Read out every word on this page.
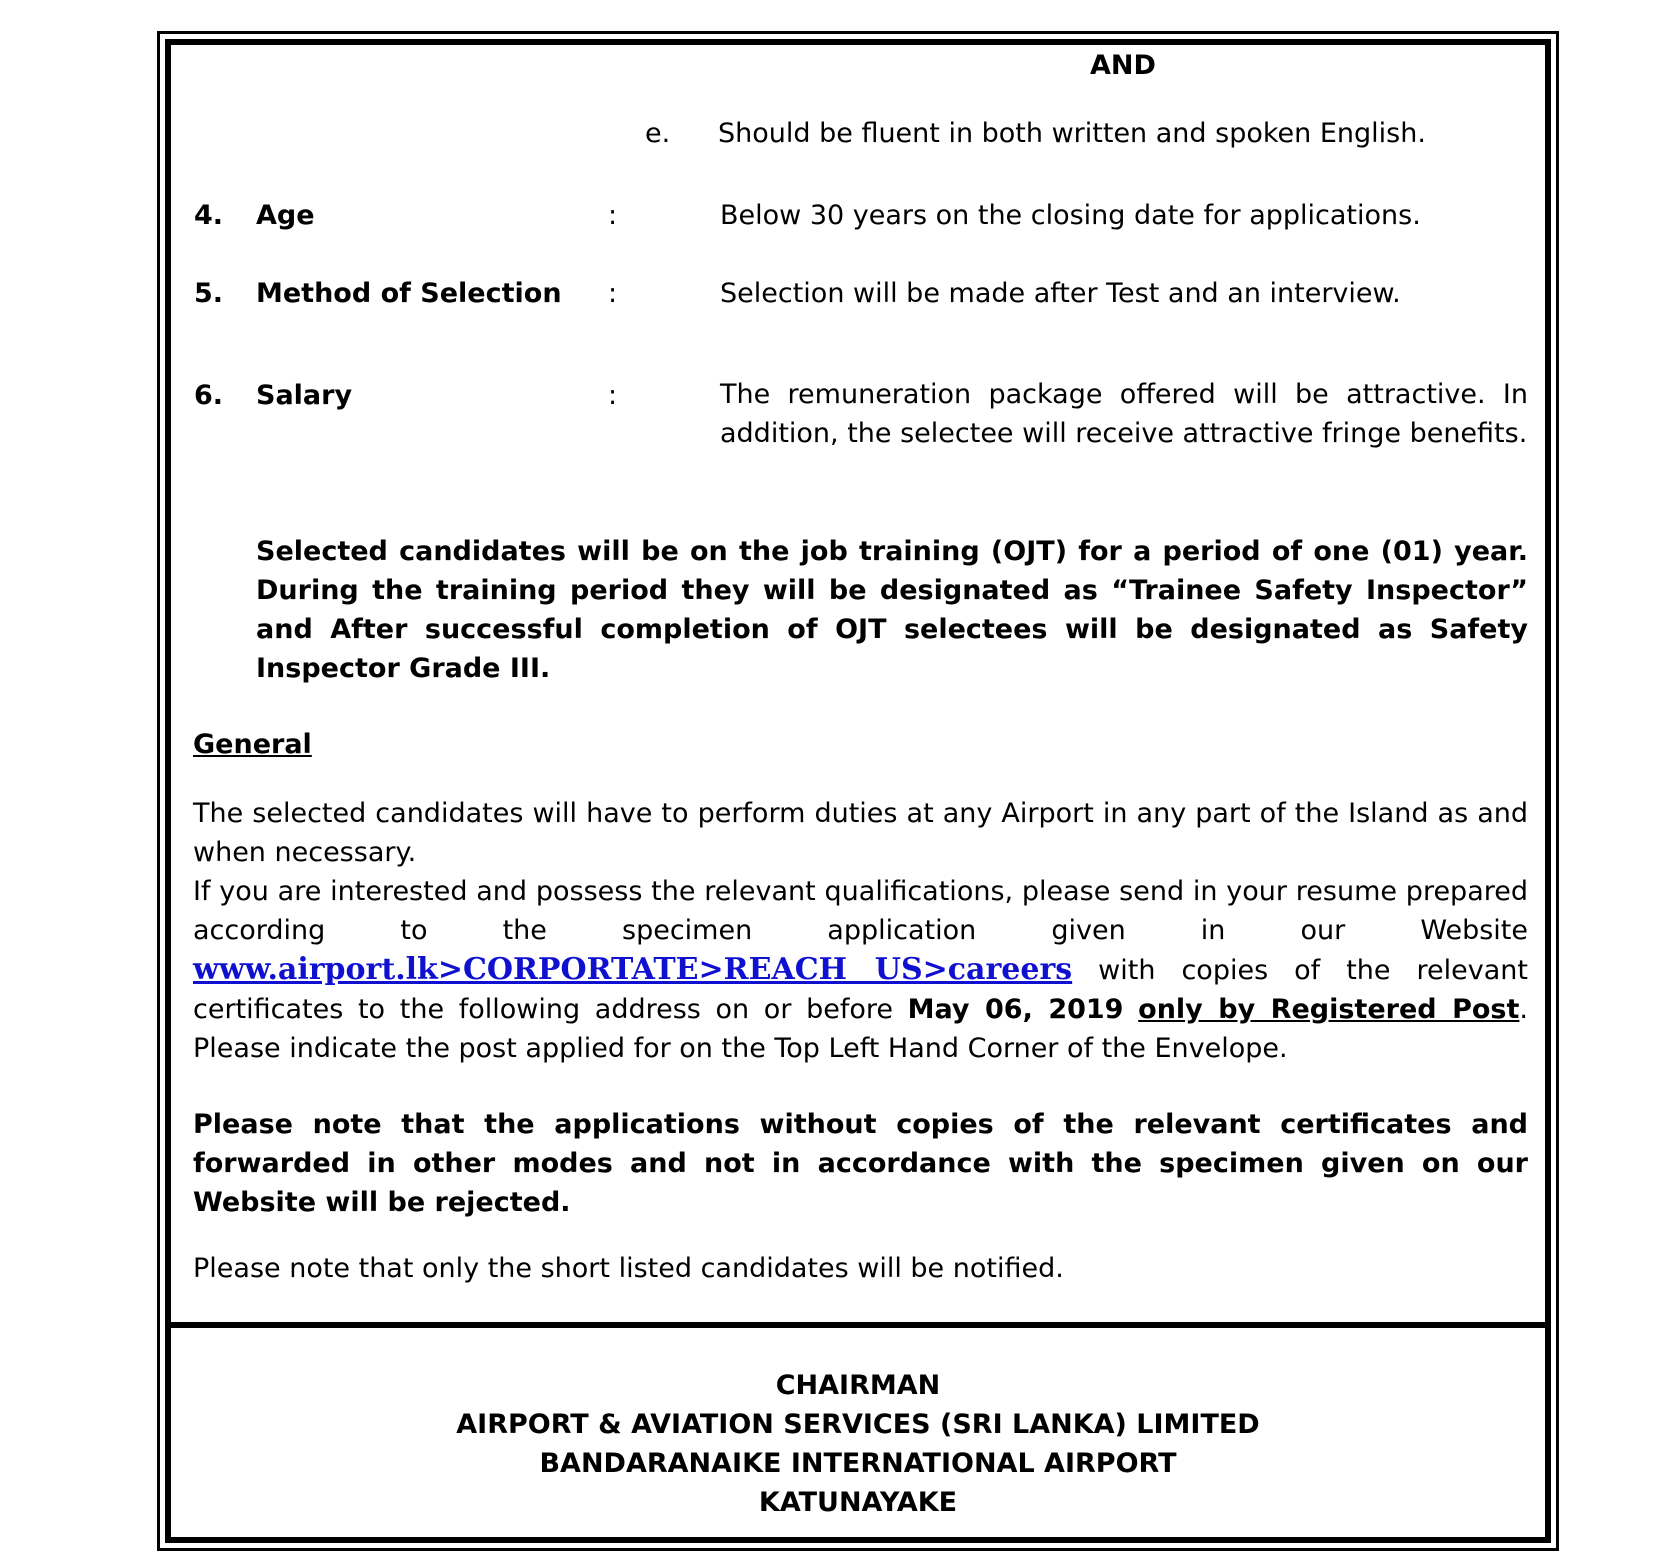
AND
e. Should be fluent in both written and spoken English.
4. Age	:	Below 30 years on the closing date for applications.
5. Method of Selection :	Selection will be made after Test and an interview.
6. Salary	:	The remuneration package offered will be attractive. In addition, the selectee will receive attractive fringe benefits.
Selected candidates will be on the job training (OJT) for a period of one (01) year. During the training period they will be designated as “Trainee Safety Inspector” and After successful completion of OJT selectees will be designated as Safety Inspector Grade III.
General
The selected candidates will have to perform duties at any Airport in any part of the Island as and when necessary.
If you are interested and possess the relevant qualifications, please send in your resume prepared according to the specimen application given in our Website www.airport.lk>CORPORTATE>REACH US>careers with copies of the relevant certificates to the following address on or before May 06, 2019 only by Registered Post. Please indicate the post applied for on the Top Left Hand Corner of the Envelope.
Please note that the applications without copies of the relevant certificates and forwarded in other modes and not in accordance with the specimen given on our Website will be rejected.
Please note that only the short listed candidates will be notified.
CHAIRMAN
AIRPORT & AVIATION SERVICES (SRI LANKA) LIMITED
BANDARANAIKE INTERNATIONAL AIRPORT
KATUNAYAKE
